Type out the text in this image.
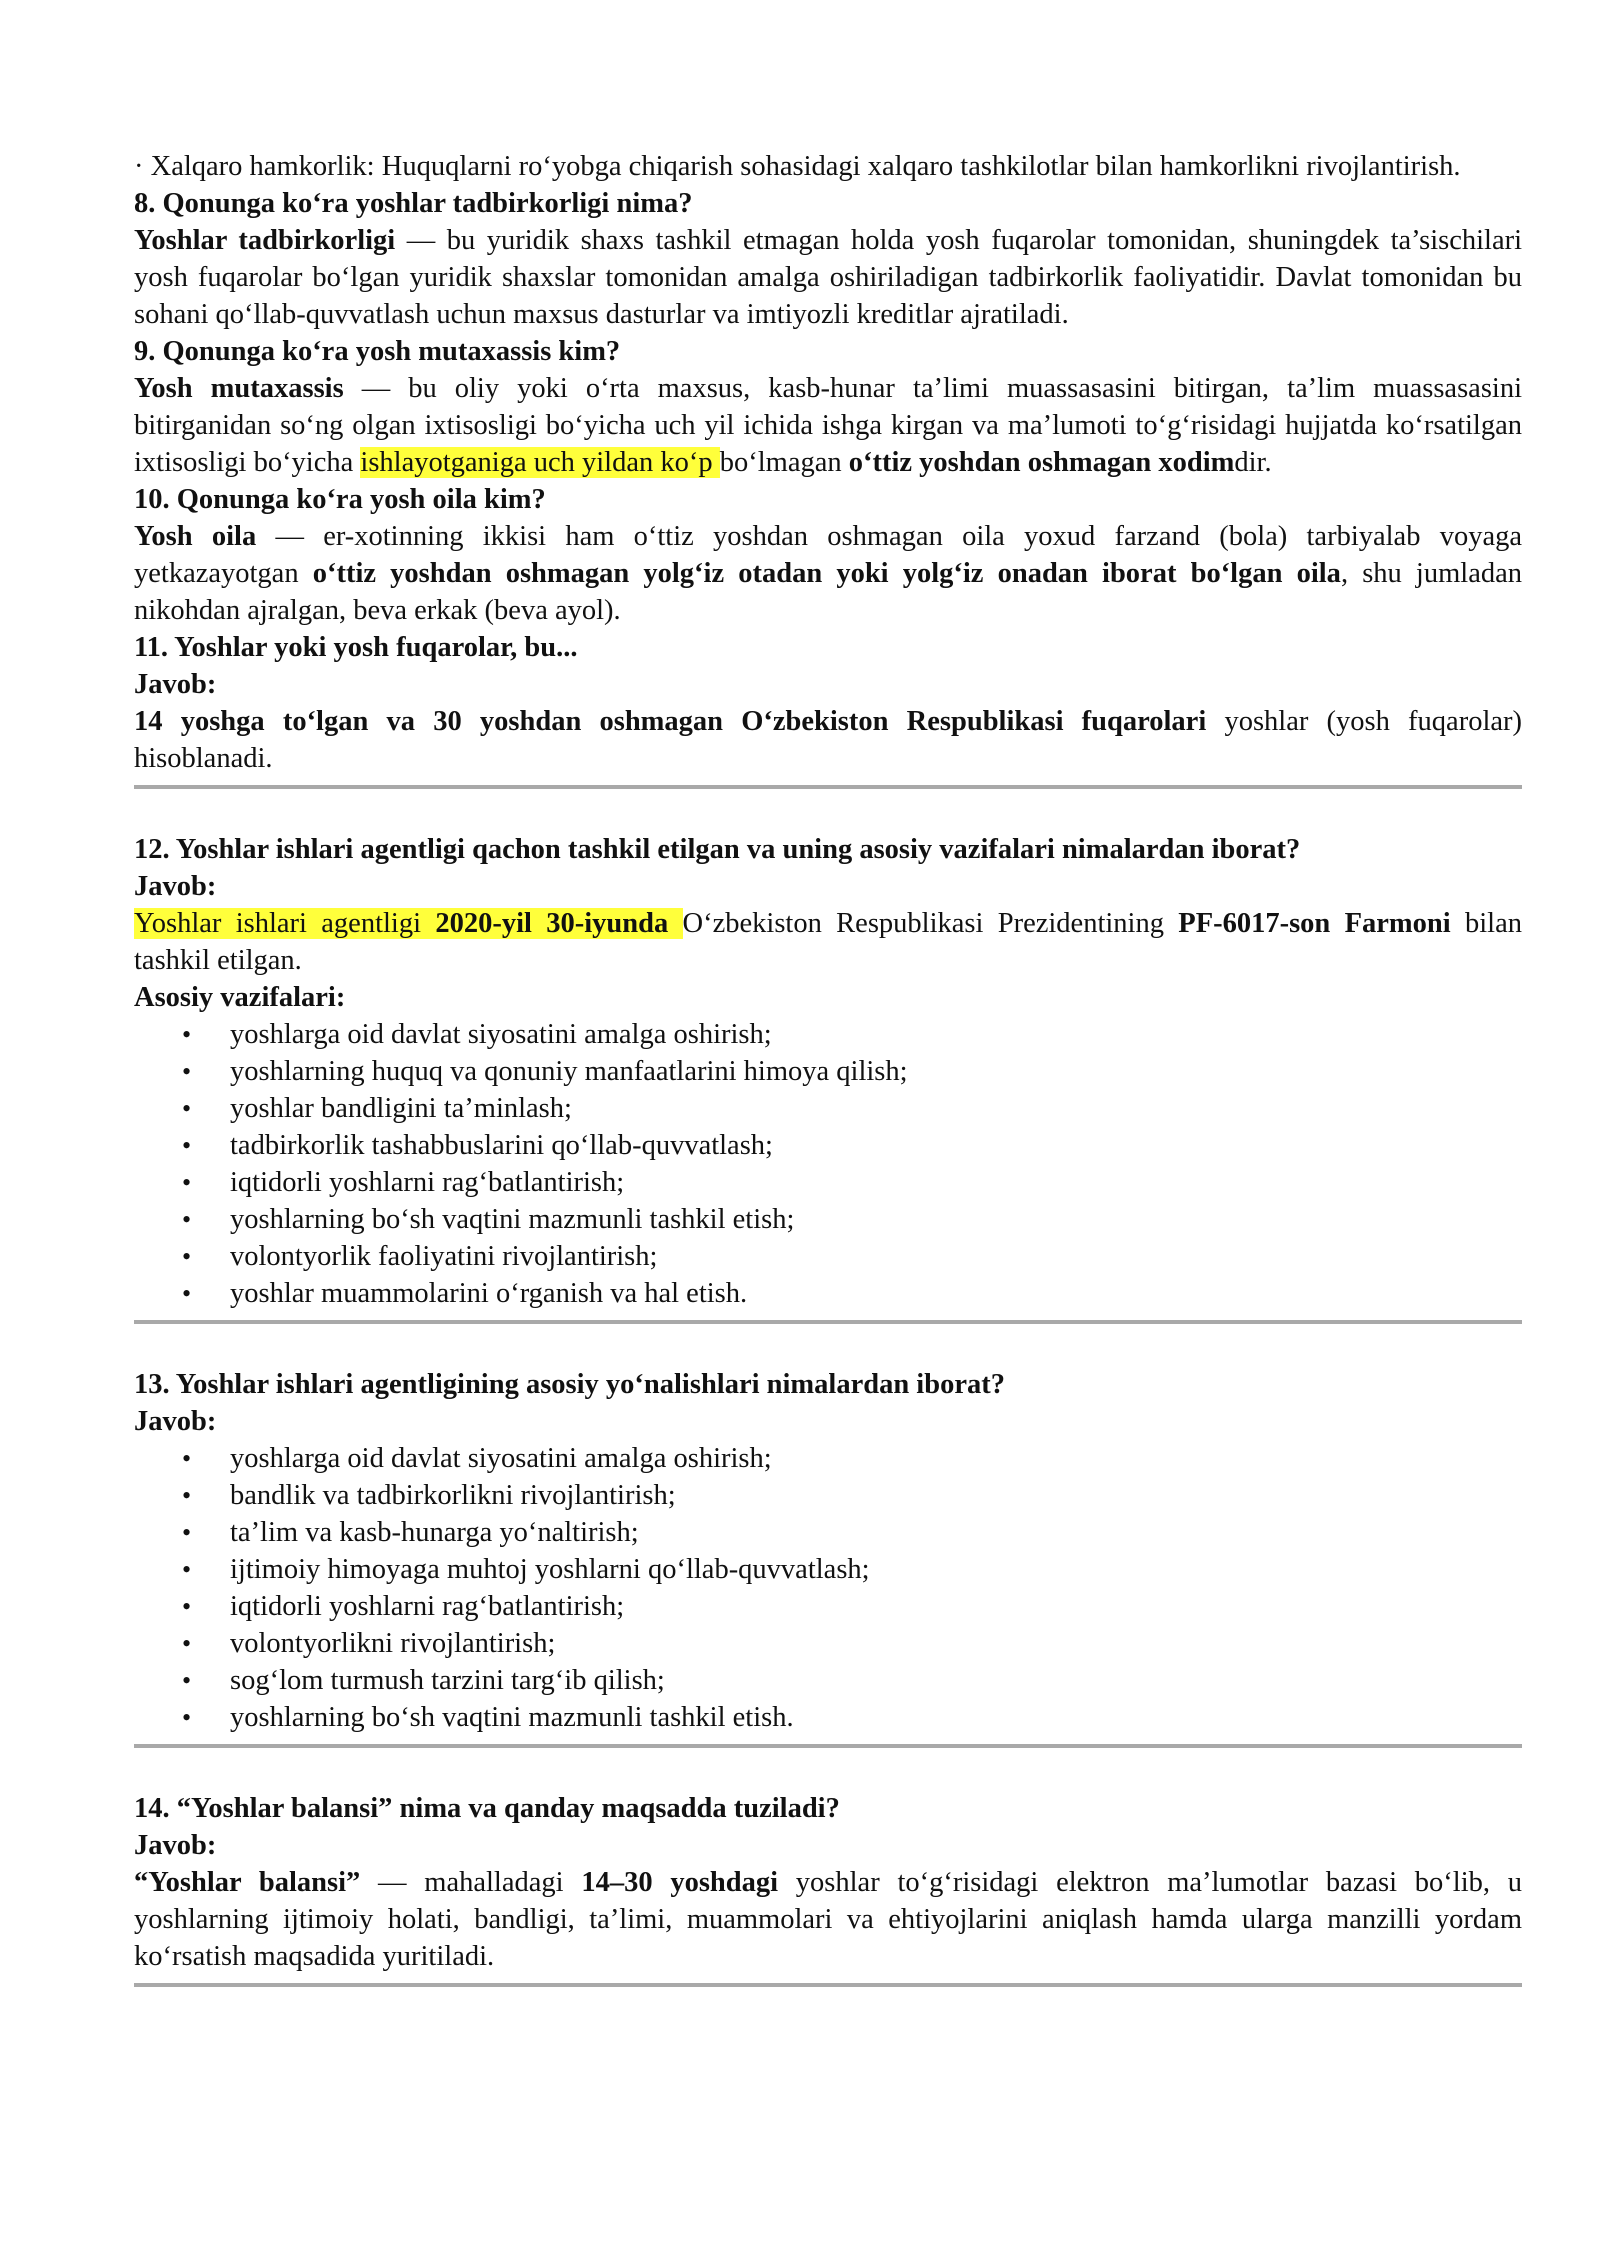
· Xalqaro hamkorlik: Huquqlarni ro‘yobga chiqarish sohasidagi xalqaro tashkilotlar bilan hamkorlikni rivojlantirish.

8. Qonunga ko‘ra yoshlar tadbirkorligi nima?

Yoshlar tadbirkorligi — bu yuridik shaxs tashkil etmagan holda yosh fuqarolar tomonidan, shuningdek ta’sischilari yosh fuqarolar bo‘lgan yuridik shaxslar tomonidan amalga oshiriladigan tadbirkorlik faoliyatidir. Davlat tomonidan bu sohani qo‘llab-quvvatlash uchun maxsus dasturlar va imtiyozli kreditlar ajratiladi.

9. Qonunga ko‘ra yosh mutaxassis kim?

Yosh mutaxassis — bu oliy yoki o‘rta maxsus, kasb-hunar ta’limi muassasasini bitirgan, ta’lim muassasasini bitirganidan so‘ng olgan ixtisosligi bo‘yicha uch yil ichida ishga kirgan va ma’lumoti to‘g‘risidagi hujjatda ko‘rsatilgan ixtisosligi bo‘yicha ishlayotganiga uch yildan ko‘p bo‘lmagan o‘ttiz yoshdan oshmagan xodimdir.

10. Qonunga ko‘ra yosh oila kim?

Yosh oila — er-xotinning ikkisi ham o‘ttiz yoshdan oshmagan oila yoxud farzand (bola) tarbiyalab voyaga yetkazayotgan o‘ttiz yoshdan oshmagan yolg‘iz otadan yoki yolg‘iz onadan iborat bo‘lgan oila, shu jumladan nikohdan ajralgan, beva erkak (beva ayol).

11. Yoshlar yoki yosh fuqarolar, bu...

Javob:

14 yoshga to‘lgan va 30 yoshdan oshmagan O‘zbekiston Respublikasi fuqarolari yoshlar (yosh fuqarolar) hisoblanadi.

12. Yoshlar ishlari agentligi qachon tashkil etilgan va uning asosiy vazifalari nimalardan iborat?

Javob:

Yoshlar ishlari agentligi 2020-yil 30-iyunda O‘zbekiston Respublikasi Prezidentining PF-6017-son Farmoni bilan tashkil etilgan.

Asosiy vazifalari:

• yoshlarga oid davlat siyosatini amalga oshirish;
• yoshlarning huquq va qonuniy manfaatlarini himoya qilish;
• yoshlar bandligini ta’minlash;
• tadbirkorlik tashabbuslarini qo‘llab-quvvatlash;
• iqtidorli yoshlarni rag‘batlantirish;
• yoshlarning bo‘sh vaqtini mazmunli tashkil etish;
• volontyorlik faoliyatini rivojlantirish;
• yoshlar muammolarini o‘rganish va hal etish.

13. Yoshlar ishlari agentligining asosiy yo‘nalishlari nimalardan iborat?

Javob:

• yoshlarga oid davlat siyosatini amalga oshirish;
• bandlik va tadbirkorlikni rivojlantirish;
• ta’lim va kasb-hunarga yo‘naltirish;
• ijtimoiy himoyaga muhtoj yoshlarni qo‘llab-quvvatlash;
• iqtidorli yoshlarni rag‘batlantirish;
• volontyorlikni rivojlantirish;
• sog‘lom turmush tarzini targ‘ib qilish;
• yoshlarning bo‘sh vaqtini mazmunli tashkil etish.

14. “Yoshlar balansi” nima va qanday maqsadda tuziladi?

Javob:

“Yoshlar balansi” — mahalladagi 14–30 yoshdagi yoshlar to‘g‘risidagi elektron ma’lumotlar bazasi bo‘lib, u yoshlarning ijtimoiy holati, bandligi, ta’limi, muammolari va ehtiyojlarini aniqlash hamda ularga manzilli yordam ko‘rsatish maqsadida yuritiladi.
